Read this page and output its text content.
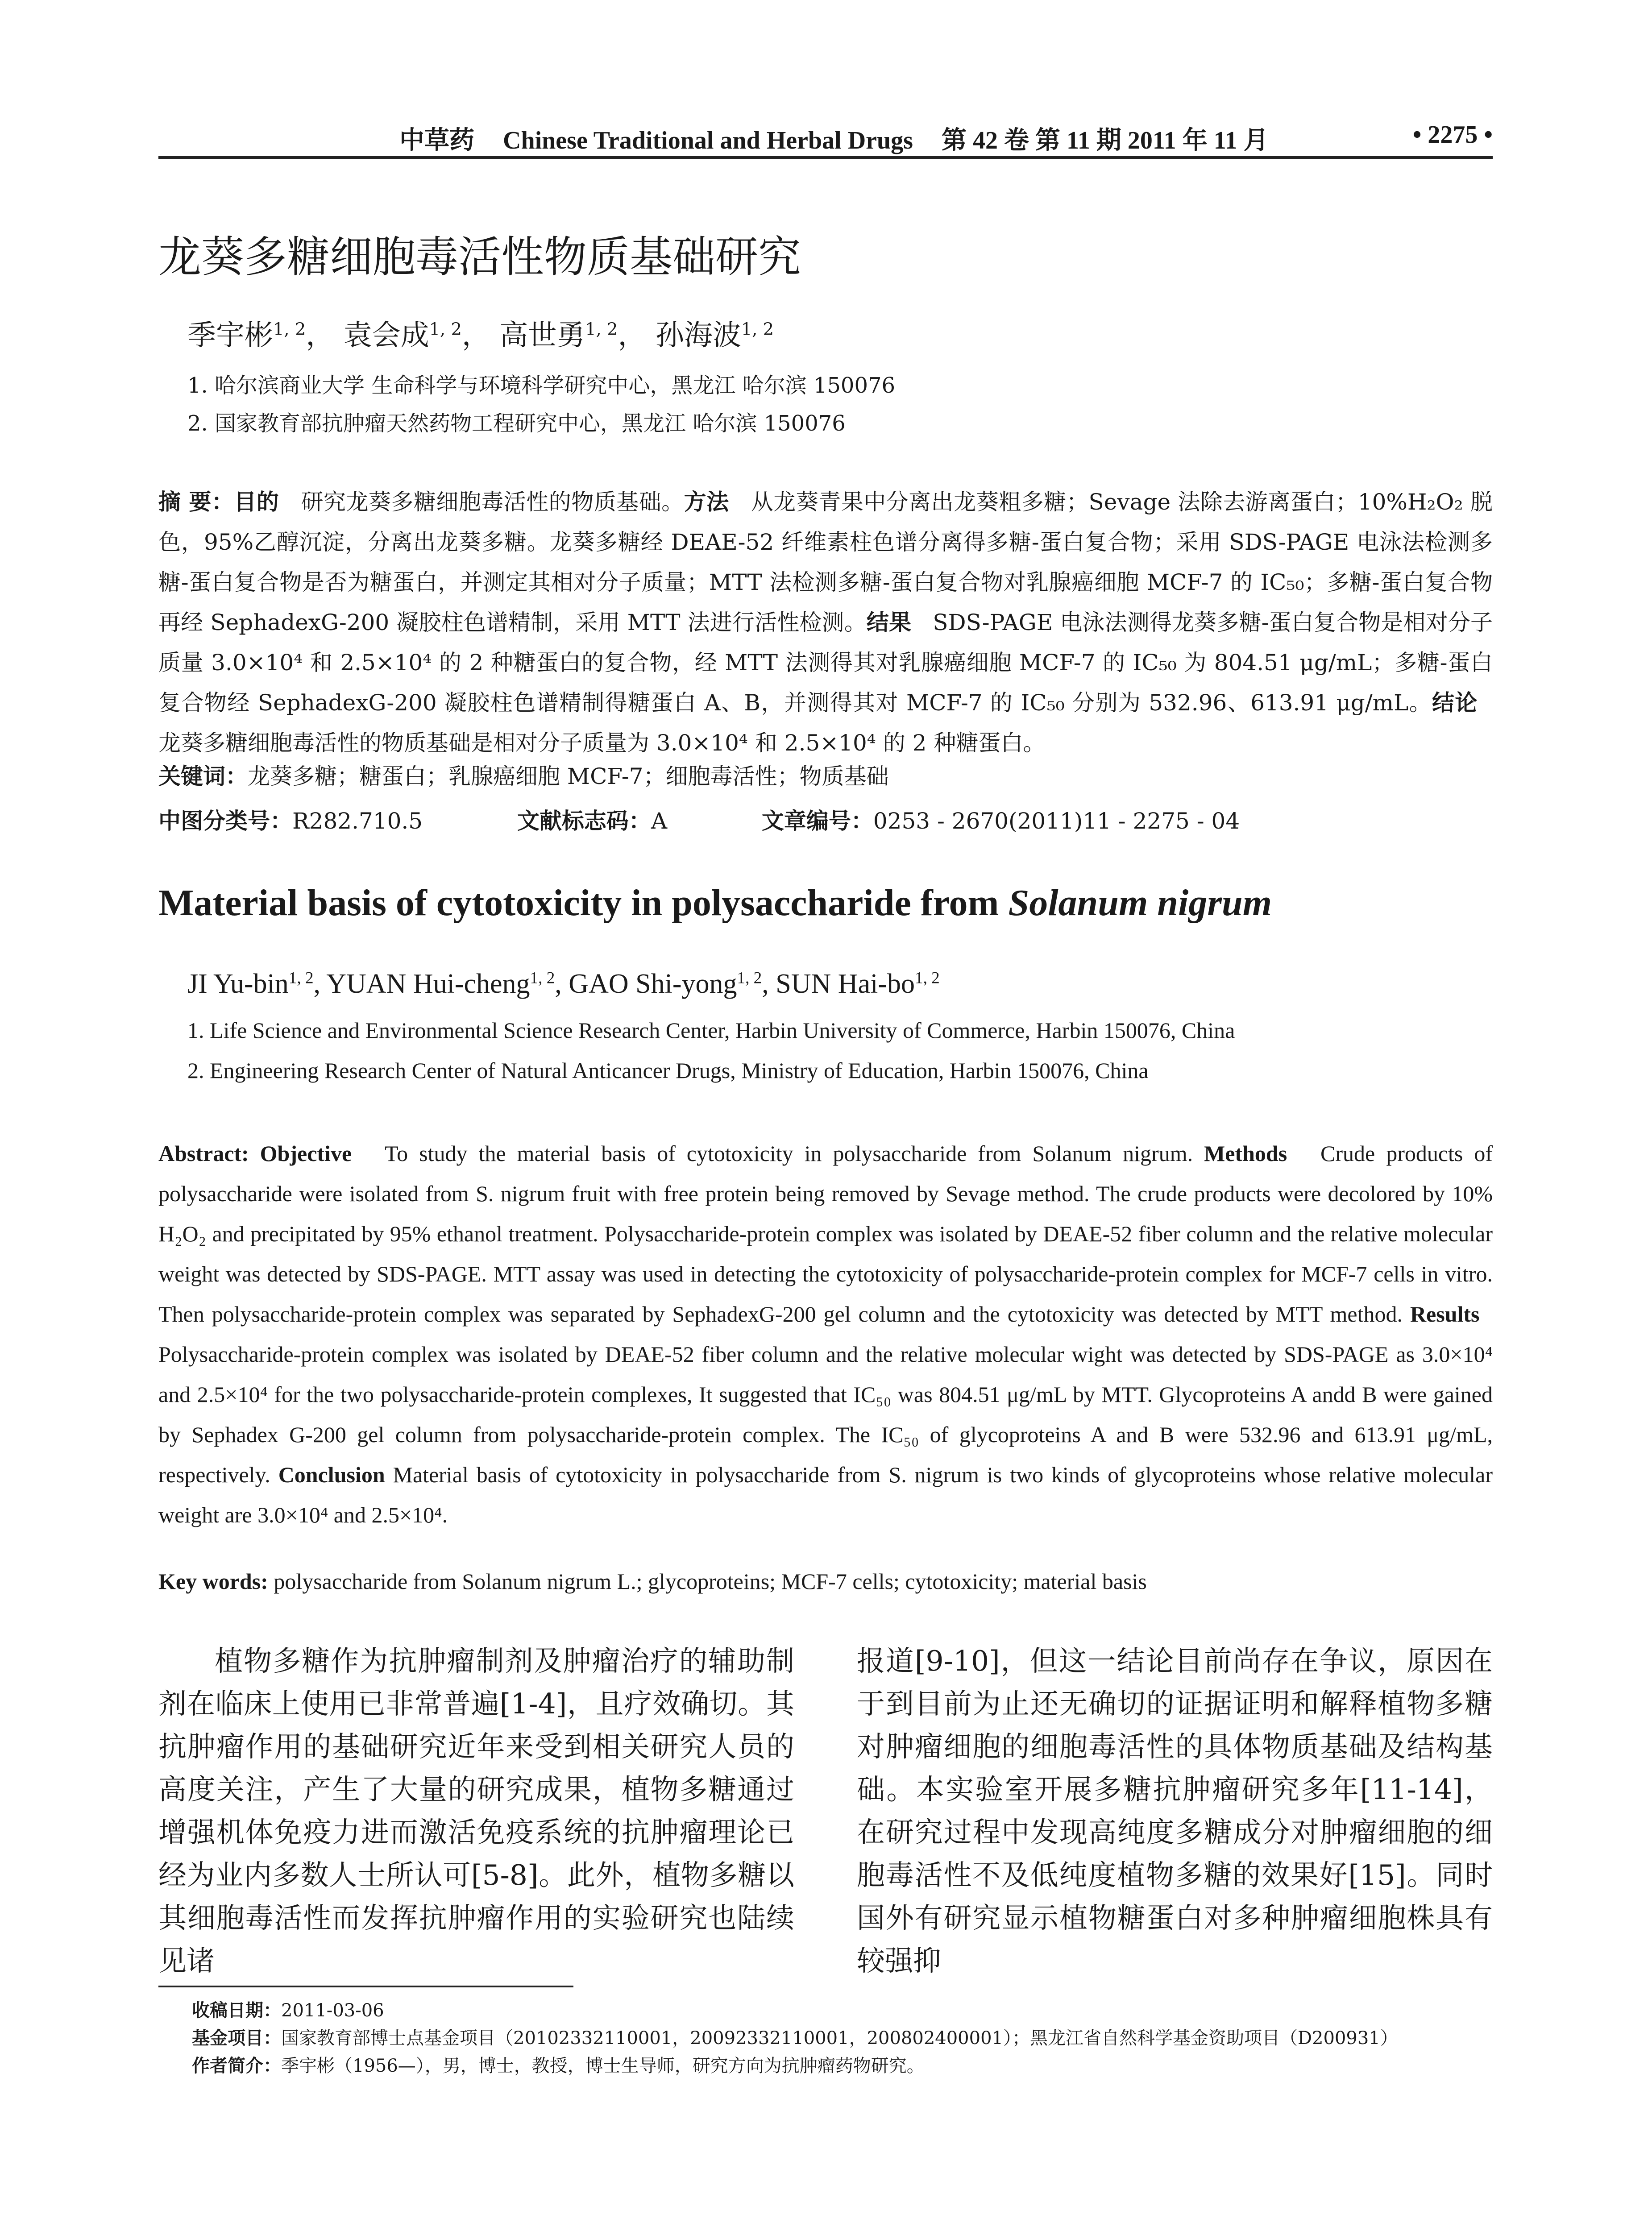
中草药 Chinese Traditional and Herbal Drugs 第 42 卷 第 11 期 2011 年 11 月	• 2275 •
龙葵多糖细胞毒活性物质基础研究
季宇彬$^{1, 2}$， 袁会成$^{1, 2}$， 高世勇$^{1, 2}$， 孙海波$^{1, 2}$
1. 哈尔滨商业大学 生命科学与环境科学研究中心，黑龙江 哈尔滨 150076
2. 国家教育部抗肿瘤天然药物工程研究中心，黑龙江 哈尔滨 150076
摘 要：目的 研究龙葵多糖细胞毒活性的物质基础。方法 从龙葵青果中分离出龙葵粗多糖；Sevage 法除去游离蛋白；10%H₂O₂ 脱色，95%乙醇沉淀，分离出龙葵多糖。龙葵多糖经 DEAE-52 纤维素柱色谱分离得多糖-蛋白复合物；采用 SDS-PAGE 电泳法检测多糖-蛋白复合物是否为糖蛋白，并测定其相对分子质量；MTT 法检测多糖-蛋白复合物对乳腺癌细胞 MCF-7 的 IC₅₀；多糖-蛋白复合物再经 SephadexG-200 凝胶柱色谱精制，采用 MTT 法进行活性检测。结果 SDS-PAGE 电泳法测得龙葵多糖-蛋白复合物是相对分子质量 3.0×10⁴ 和 2.5×10⁴ 的 2 种糖蛋白的复合物，经 MTT 法测得其对乳腺癌细胞 MCF-7 的 IC₅₀ 为 804.51 μg/mL；多糖-蛋白复合物经 SephadexG-200 凝胶柱色谱精制得糖蛋白 A、B，并测得其对 MCF-7 的 IC₅₀ 分别为 532.96、613.91 μg/mL。结论   龙葵多糖细胞毒活性的物质基础是相对分子质量为 3.0×10⁴ 和 2.5×10⁴ 的 2 种糖蛋白。
关键词：龙葵多糖；糖蛋白；乳腺癌细胞 MCF-7；细胞毒活性；物质基础
中图分类号：R282.710.5	文献标志码：A	文章编号：0253 - 2670(2011)11 - 2275 - 04
Material basis of cytotoxicity in polysaccharide from Solanum nigrum
JI Yu-bin$^{1, 2}$, YUAN Hui-cheng$^{1, 2}$, GAO Shi-yong$^{1, 2}$, SUN Hai-bo$^{1, 2}$
1. Life Science and Environmental Science Research Center, Harbin University of Commerce, Harbin 150076, China
2. Engineering Research Center of Natural Anticancer Drugs, Ministry of Education, Harbin 150076, China
Abstract: Objective To study the material basis of cytotoxicity in polysaccharide from Solanum nigrum. Methods Crude products of polysaccharide were isolated from S. nigrum fruit with free protein being removed by Sevage method. The crude products were decolored by 10% H₂O₂ and precipitated by 95% ethanol treatment. Polysaccharide-protein complex was isolated by DEAE-52 fiber column and the relative molecular weight was detected by SDS-PAGE. MTT assay was used in detecting the cytotoxicity of polysaccharide-protein complex for MCF-7 cells in vitro. Then polysaccharide-protein complex was separated by SephadexG-200 gel column and the cytotoxicity was detected by MTT method. Results   Polysaccharide-protein complex was isolated by DEAE-52 fiber column and the relative molecular wight was detected by SDS-PAGE as 3.0×10⁴ and 2.5×10⁴ for the two polysaccharide-protein complexes, It suggested that IC₅₀ was 804.51 μg/mL by MTT. Glycoproteins A andd B were gained by Sephadex G-200 gel column from polysaccharide-protein complex. The IC₅₀ of glycoproteins A and B were 532.96 and 613.91 μg/mL, respectively. Conclusion Material basis of cytotoxicity in polysaccharide from S. nigrum is two kinds of glycoproteins whose relative molecular weight are 3.0×10⁴ and 2.5×10⁴.
Key words: polysaccharide from Solanum nigrum L.; glycoproteins; MCF-7 cells; cytotoxicity; material basis
植物多糖作为抗肿瘤制剂及肿瘤治疗的辅助制剂在临床上使用已非常普遍[1-4]，且疗效确切。其抗肿瘤作用的基础研究近年来受到相关研究人员的高度关注，产生了大量的研究成果，植物多糖通过增强机体免疫力进而激活免疫系统的抗肿瘤理论已经为业内多数人士所认可[5-8]。此外，植物多糖以其细胞毒活性而发挥抗肿瘤作用的实验研究也陆续见诸
报道[9-10]，但这一结论目前尚存在争议，原因在于到目前为止还无确切的证据证明和解释植物多糖对肿瘤细胞的细胞毒活性的具体物质基础及结构基础。本实验室开展多糖抗肿瘤研究多年[11-14]，在研究过程中发现高纯度多糖成分对肿瘤细胞的细胞毒活性不及低纯度植物多糖的效果好[15]。同时国外有研究显示植物糖蛋白对多种肿瘤细胞株具有较强抑
收稿日期：2011-03-06
基金项目：国家教育部博士点基金项目（20102332110001，20092332110001，200802400001）；黑龙江省自然科学基金资助项目（D200931）
作者简介：季宇彬（1956—），男，博士，教授，博士生导师，研究方向为抗肿瘤药物研究。
